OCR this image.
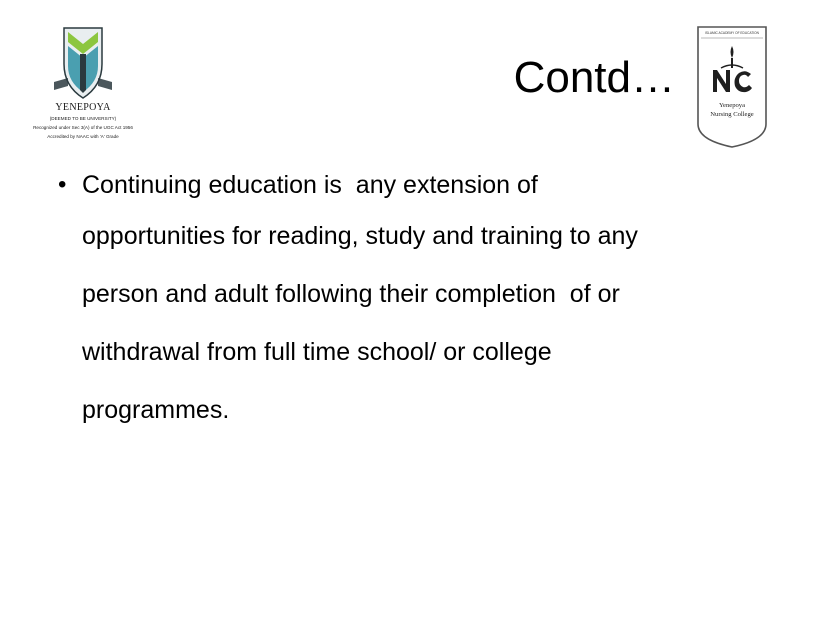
YENEPOYA
(DEEMED TO BE UNIVERSITY)
Recognized under Sec 3(A) of the UGC Act 1956
Accredited by NAAC with 'A' Grade
Contd…
ISLAMIC ACADEMY OF EDUCATION
Yenepoya
Nursing College
• Continuing education is  any extension of
opportunities for reading, study and training to any
person and adult following their completion  of or
withdrawal from full time school/ or college
programmes.
